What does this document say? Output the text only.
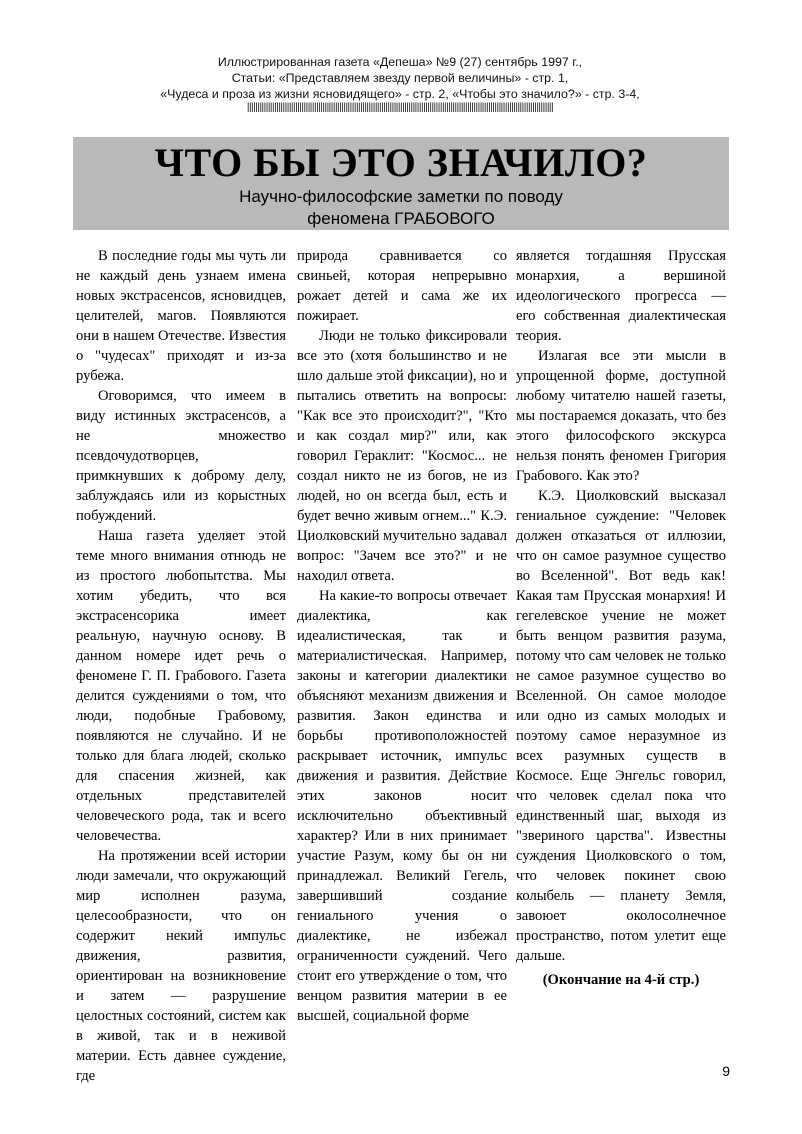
Иллюстрированная газета «Депеша» №9 (27) сентябрь 1997 г.,
Статьи: «Представляем звезду первой величины» - стр. 1,
«Чудеса и проза из жизни ясновидящего» - стр. 2, «Чтобы это значило?» - стр. 3-4,
||||||||||||||||||||||||||||||||||||||||||||||||||||||||||||||||||||||||||||||||||||||||||||||||||||||||||||||||||||||||||||||||||||||||||||||||||
ЧТО БЫ ЭТО ЗНАЧИЛО?
Научно-философские заметки по поводу
феномена ГРАБОВОГО

В последние годы мы чуть ли не каждый день узнаем имена новых экстрасенсов, ясновидцев, целителей, магов. Появляются они в нашем Отечестве. Известия о "чудесах" приходят и из-за рубежа.

Оговоримся, что имеем в виду истинных экстрасенсов, а не множество псевдочудотворцев, примкнувших к доброму делу, заблуждаясь или из корыстных побуждений.

Наша газета уделяет этой теме много внимания отнюдь не из простого любопытства. Мы хотим убедить, что вся экстрасенсорика имеет реальную, научную основу. В данном номере идет речь о феномене Г. П. Грабового. Газета делится суждениями о том, что люди, подобные Грабовому, появляются не случайно. И не только для блага людей, сколько для спасения жизней, как отдельных представителей человеческого рода, так и всего человечества.

На протяжении всей истории люди замечали, что окружающий мир исполнен разума, целесообразности, что он содержит некий импульс движения, развития, ориентирован на возникновение и затем — разрушение целостных состояний, систем как в живой, так и в неживой материи. Есть давнее суждение, где

природа сравнивается со свиньей, которая непрерывно рожает детей и сама же их пожирает.

Люди не только фиксировали все это (хотя большинство и не шло дальше этой фиксации), но и пытались ответить на вопросы: "Как все это происходит?", "Кто и как создал мир?" или, как говорил Гераклит: "Космос... не создал никто не из богов, не из людей, но он всегда был, есть и будет вечно живым огнем..." К.Э. Циолковский мучительно задавал вопрос: "Зачем все это?" и не находил ответа.

На какие-то вопросы отвечает диалектика, как идеалистическая, так и материалистическая. Например, законы и категории диалектики объясняют механизм движения и развития. Закон единства и борьбы противоположностей раскрывает источник, импульс движения и развития. Действие этих законов носит исключительно объективный характер? Или в них принимает участие Разум, кому бы он ни принадлежал. Великий Гегель, завершивший создание гениального учения о диалектике, не избежал ограниченности суждений. Чего стоит его утверждение о том, что венцом развития материи в ее высшей, социальной форме

является тогдашняя Прусская монархия, а вершиной идеологического прогресса — его собственная диалектическая теория.

Излагая все эти мысли в упрощенной форме, доступной любому читателю нашей газеты, мы постараемся доказать, что без этого философского экскурса нельзя понять феномен Григория Грабового. Как это?

К.Э. Циолковский высказал гениальное суждение: "Человек должен отказаться от иллюзии, что он самое разумное существо во Вселенной". Вот ведь как! Какая там Прусская монархия! И гегелевское учение не может быть венцом развития разума, потому что сам человек не только не самое разумное существо во Вселенной. Он самое молодое или одно из самых молодых и поэтому самое неразумное из всех разумных существ в Космосе. Еще Энгельс говорил, что человек сделал пока что единственный шаг, выходя из "звериного царства". Известны суждения Циолковского о том, что человек покинет свою колыбель — планету Земля, завоюет околосолнечное пространство, потом улетит еще дальше.

(Окончание на 4-й стр.)
9
